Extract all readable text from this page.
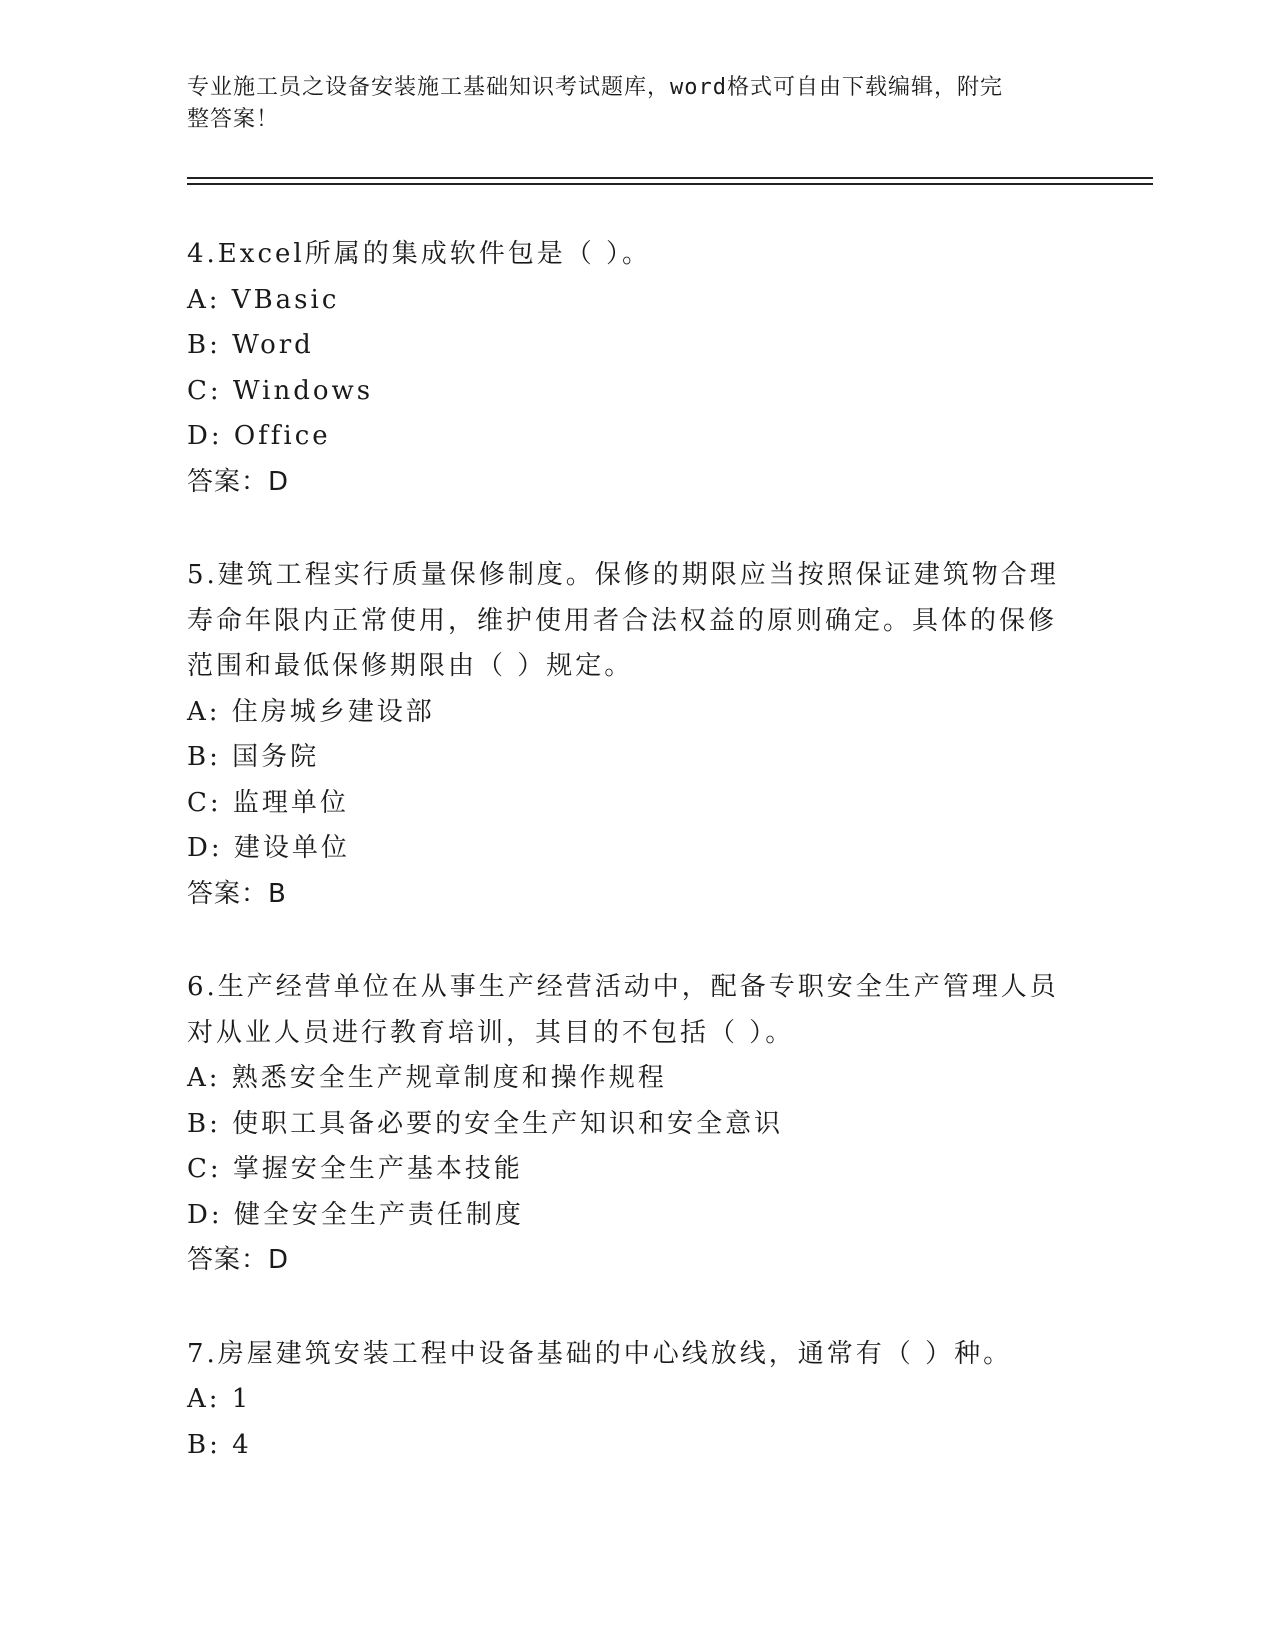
专业施工员之设备安装施工基础知识考试题库，word格式可自由下载编辑，附完
整答案！
4.Excel所属的集成软件包是（ ）。
A: VBasic
B: Word
C: Windows
D: Office
答案：D
5.建筑工程实行质量保修制度。保修的期限应当按照保证建筑物合理
寿命年限内正常使用，维护使用者合法权益的原则确定。具体的保修
范围和最低保修期限由（ ）规定。
A: 住房城乡建设部
B: 国务院
C: 监理单位
D: 建设单位
答案：B
6.生产经营单位在从事生产经营活动中，配备专职安全生产管理人员
对从业人员进行教育培训，其目的不包括（ ）。
A: 熟悉安全生产规章制度和操作规程
B: 使职工具备必要的安全生产知识和安全意识
C: 掌握安全生产基本技能
D: 健全安全生产责任制度
答案：D
7.房屋建筑安装工程中设备基础的中心线放线，通常有（ ）种。
A: 1
B: 4
